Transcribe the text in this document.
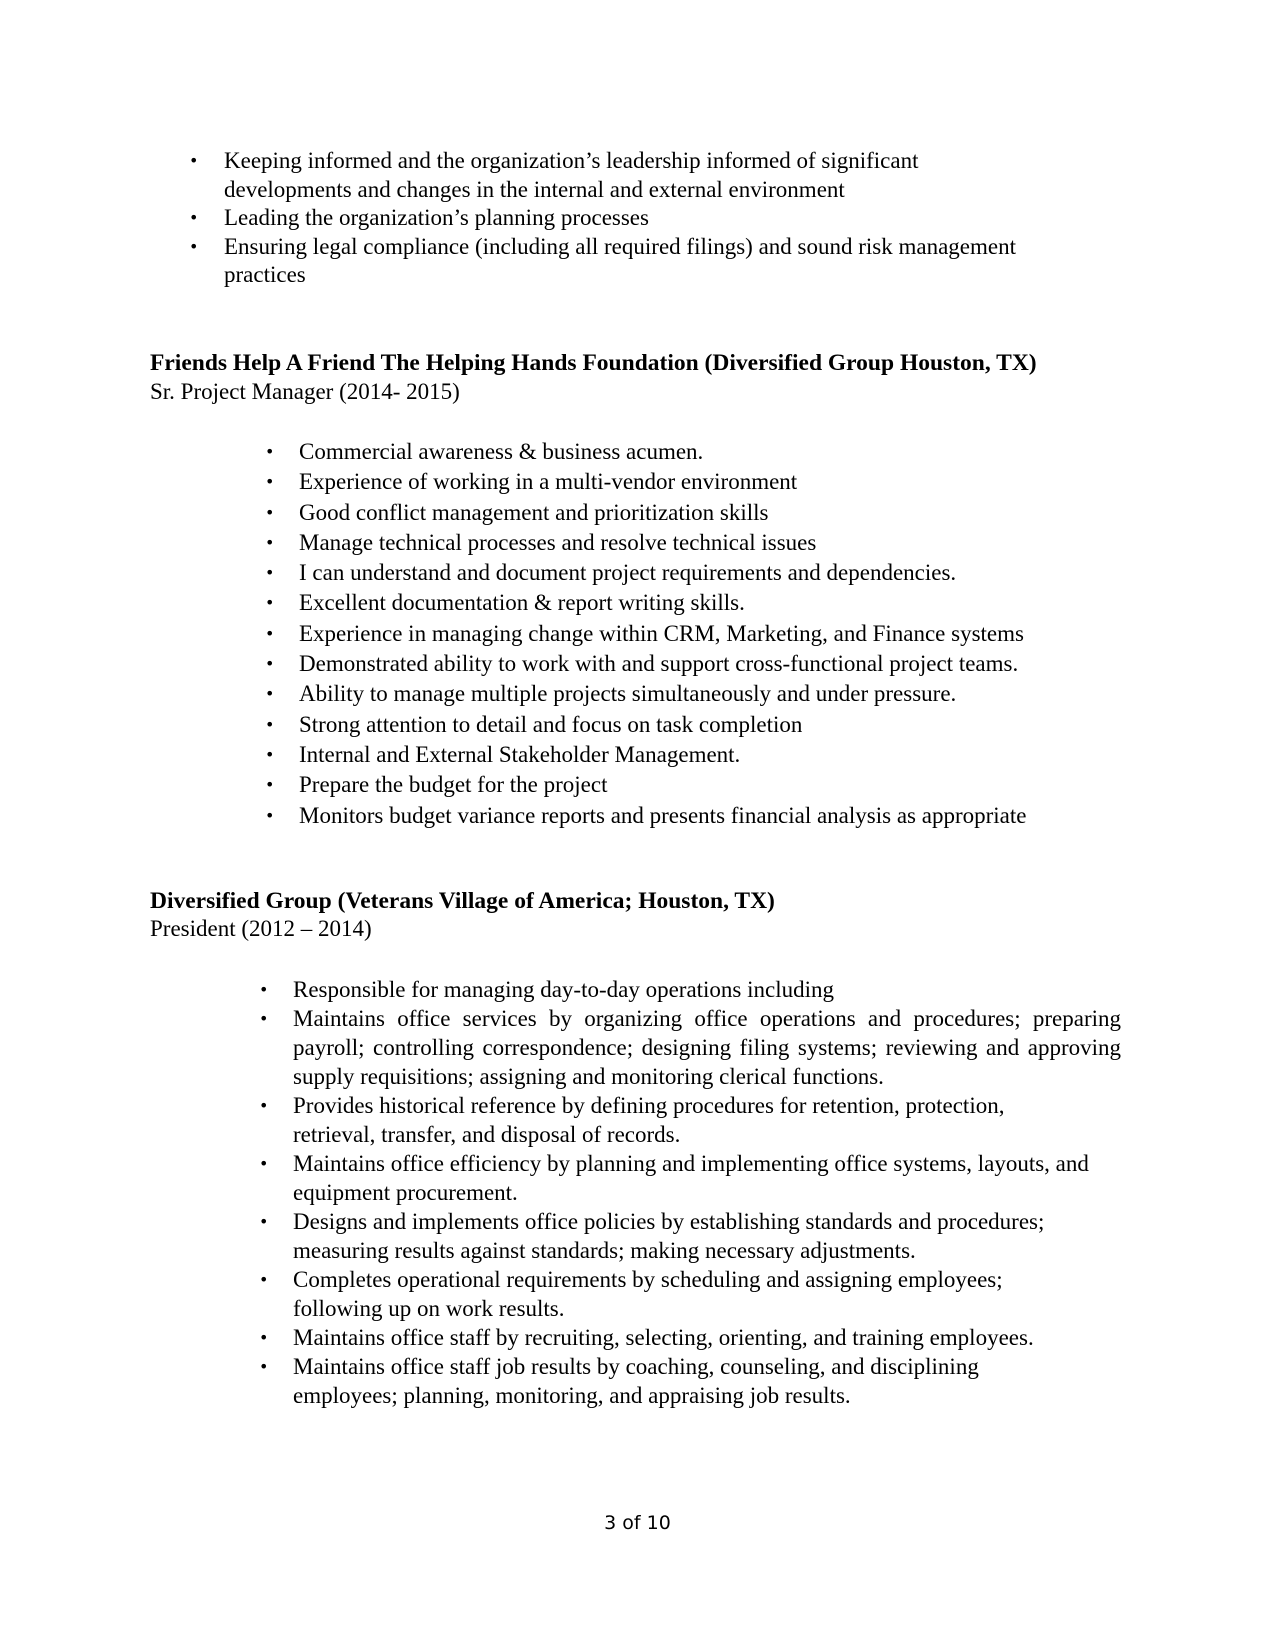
• Keeping informed and the organization’s leadership informed of significant developments and changes in the internal and external environment
• Leading the organization’s planning processes
• Ensuring legal compliance (including all required filings) and sound risk management practices
Friends Help A Friend The Helping Hands Foundation (Diversified Group Houston, TX)
Sr. Project Manager (2014- 2015)
• Commercial awareness & business acumen.
• Experience of working in a multi-vendor environment
• Good conflict management and prioritization skills
• Manage technical processes and resolve technical issues
• I can understand and document project requirements and dependencies.
• Excellent documentation & report writing skills.
• Experience in managing change within CRM, Marketing, and Finance systems
• Demonstrated ability to work with and support cross-functional project teams.
• Ability to manage multiple projects simultaneously and under pressure.
• Strong attention to detail and focus on task completion
• Internal and External Stakeholder Management.
• Prepare the budget for the project
• Monitors budget variance reports and presents financial analysis as appropriate
Diversified Group (Veterans Village of America; Houston, TX)
President (2012 – 2014)
• Responsible for managing day-to-day operations including
• Maintains office services by organizing office operations and procedures; preparing payroll; controlling correspondence; designing filing systems; reviewing and approving supply requisitions; assigning and monitoring clerical functions.
• Provides historical reference by defining procedures for retention, protection, retrieval, transfer, and disposal of records.
• Maintains office efficiency by planning and implementing office systems, layouts, and equipment procurement.
• Designs and implements office policies by establishing standards and procedures; measuring results against standards; making necessary adjustments.
• Completes operational requirements by scheduling and assigning employees; following up on work results.
• Maintains office staff by recruiting, selecting, orienting, and training employees.
• Maintains office staff job results by coaching, counseling, and disciplining employees; planning, monitoring, and appraising job results.
3 of 10
